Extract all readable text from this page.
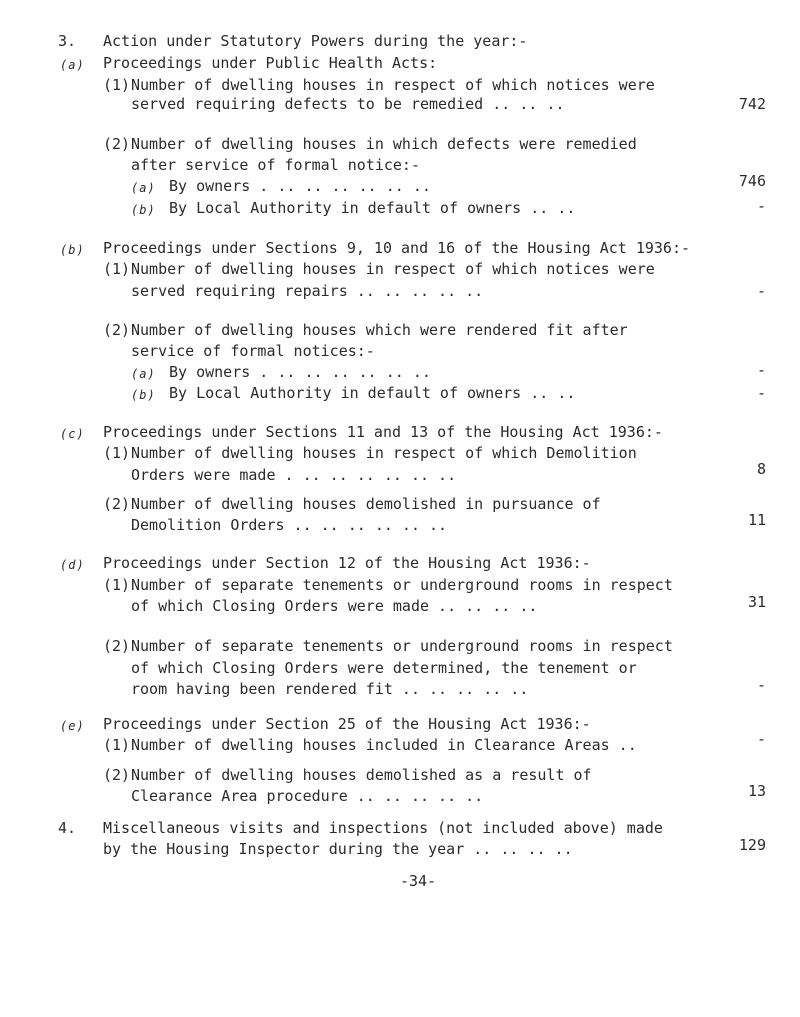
3. Action under Statutory Powers during the year:-
(a) Proceedings under Public Health Acts:
(1) Number of dwelling houses in respect of which notices were
served requiring defects to be remedied .. .. ..	742
(2) Number of dwelling houses in which defects were remedied
after service of formal notice:-
(a) By owners . .. .. .. .. .. ..	746
(b) By Local Authority in default of owners .. ..	-
(b) Proceedings under Sections 9, 10 and 16 of the Housing Act 1936:-
(1) Number of dwelling houses in respect of which notices were
served requiring repairs .. .. .. .. ..	-
(2) Number of dwelling houses which were rendered fit after
service of formal notices:-
(a) By owners . .. .. .. .. .. ..	-
(b) By Local Authority in default of owners .. ..	-
(c) Proceedings under Sections 11 and 13 of the Housing Act 1936:-
(1) Number of dwelling houses in respect of which Demolition
Orders were made . .. .. .. .. .. ..	8
(2) Number of dwelling houses demolished in pursuance of
Demolition Orders .. .. .. .. .. ..	11
(d) Proceedings under Section 12 of the Housing Act 1936:-
(1) Number of separate tenements or underground rooms in respect
of which Closing Orders were made .. .. .. ..	31
(2) Number of separate tenements or underground rooms in respect
of which Closing Orders were determined, the tenement or
room having been rendered fit .. .. .. .. ..	-
(e) Proceedings under Section 25 of the Housing Act 1936:-
(1) Number of dwelling houses included in Clearance Areas ..	-
(2) Number of dwelling houses demolished as a result of
Clearance Area procedure .. .. .. .. ..	13
4. Miscellaneous visits and inspections (not included above) made
by the Housing Inspector during the year .. .. .. ..	129
-34-
